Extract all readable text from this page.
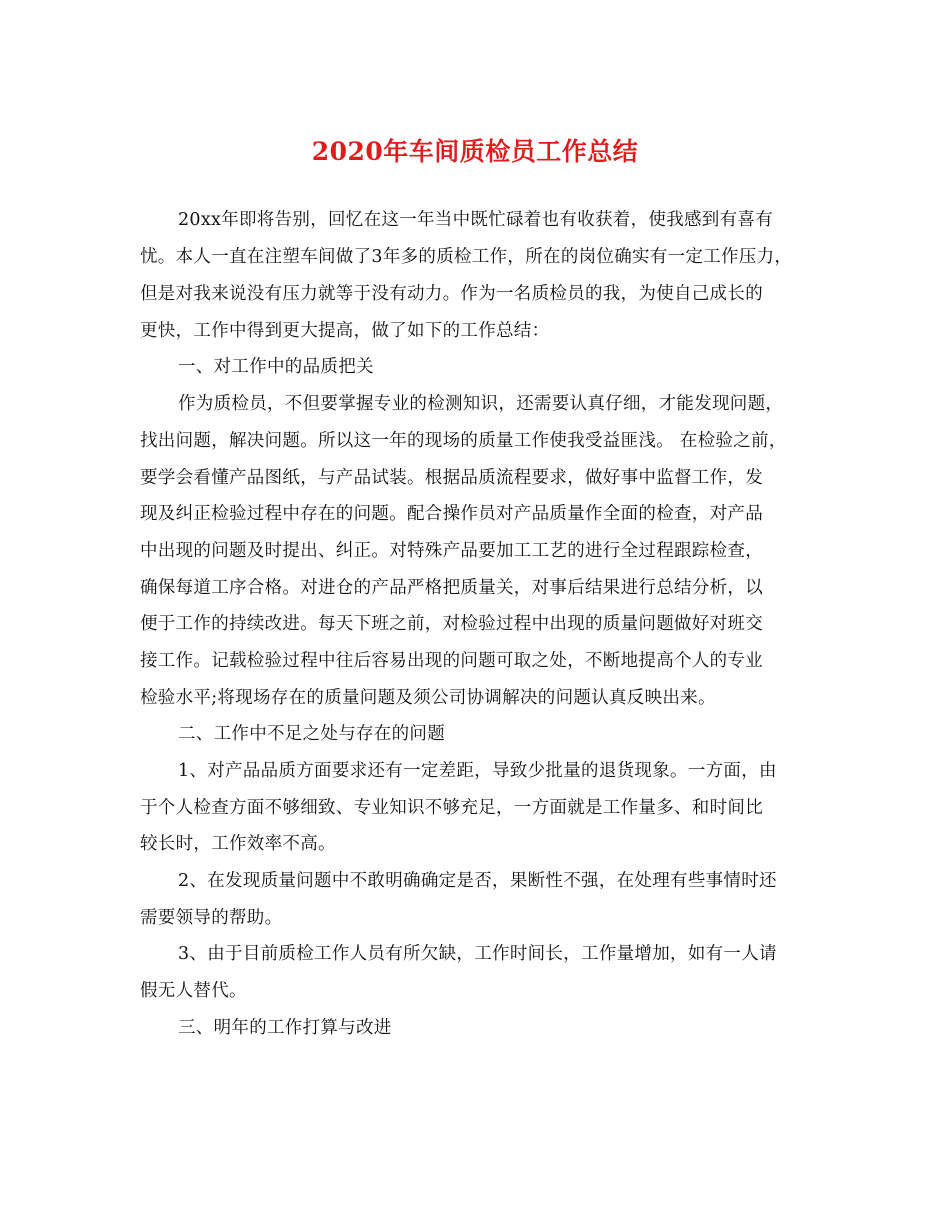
2020年车间质检员工作总结
20xx年即将告别，回忆在这一年当中既忙碌着也有收获着，使我感到有喜有
忧。本人一直在注塑车间做了3年多的质检工作，所在的岗位确实有一定工作压力，
但是对我来说没有压力就等于没有动力。作为一名质检员的我，为使自己成长的
更快，工作中得到更大提高，做了如下的工作总结：
一、对工作中的品质把关
作为质检员，不但要掌握专业的检测知识，还需要认真仔细，才能发现问题，
找出问题，解决问题。所以这一年的现场的质量工作使我受益匪浅。 在检验之前，
要学会看懂产品图纸，与产品试装。根据品质流程要求，做好事中监督工作，发
现及纠正检验过程中存在的问题。配合操作员对产品质量作全面的检查，对产品
中出现的问题及时提出、纠正。对特殊产品要加工工艺的进行全过程跟踪检查，
确保每道工序合格。对进仓的产品严格把质量关，对事后结果进行总结分析，以
便于工作的持续改进。每天下班之前，对检验过程中出现的质量问题做好对班交
接工作。记载检验过程中往后容易出现的问题可取之处，不断地提高个人的专业
检验水平;将现场存在的质量问题及须公司协调解决的问题认真反映出来。
二、工作中不足之处与存在的问题
1、对产品品质方面要求还有一定差距，导致少批量的退货现象。一方面，由
于个人检查方面不够细致、专业知识不够充足，一方面就是工作量多、和时间比
较长时，工作效率不高。
2、在发现质量问题中不敢明确确定是否，果断性不强，在处理有些事情时还
需要领导的帮助。
3、由于目前质检工作人员有所欠缺，工作时间长，工作量增加，如有一人请
假无人替代。
三、明年的工作打算与改进
